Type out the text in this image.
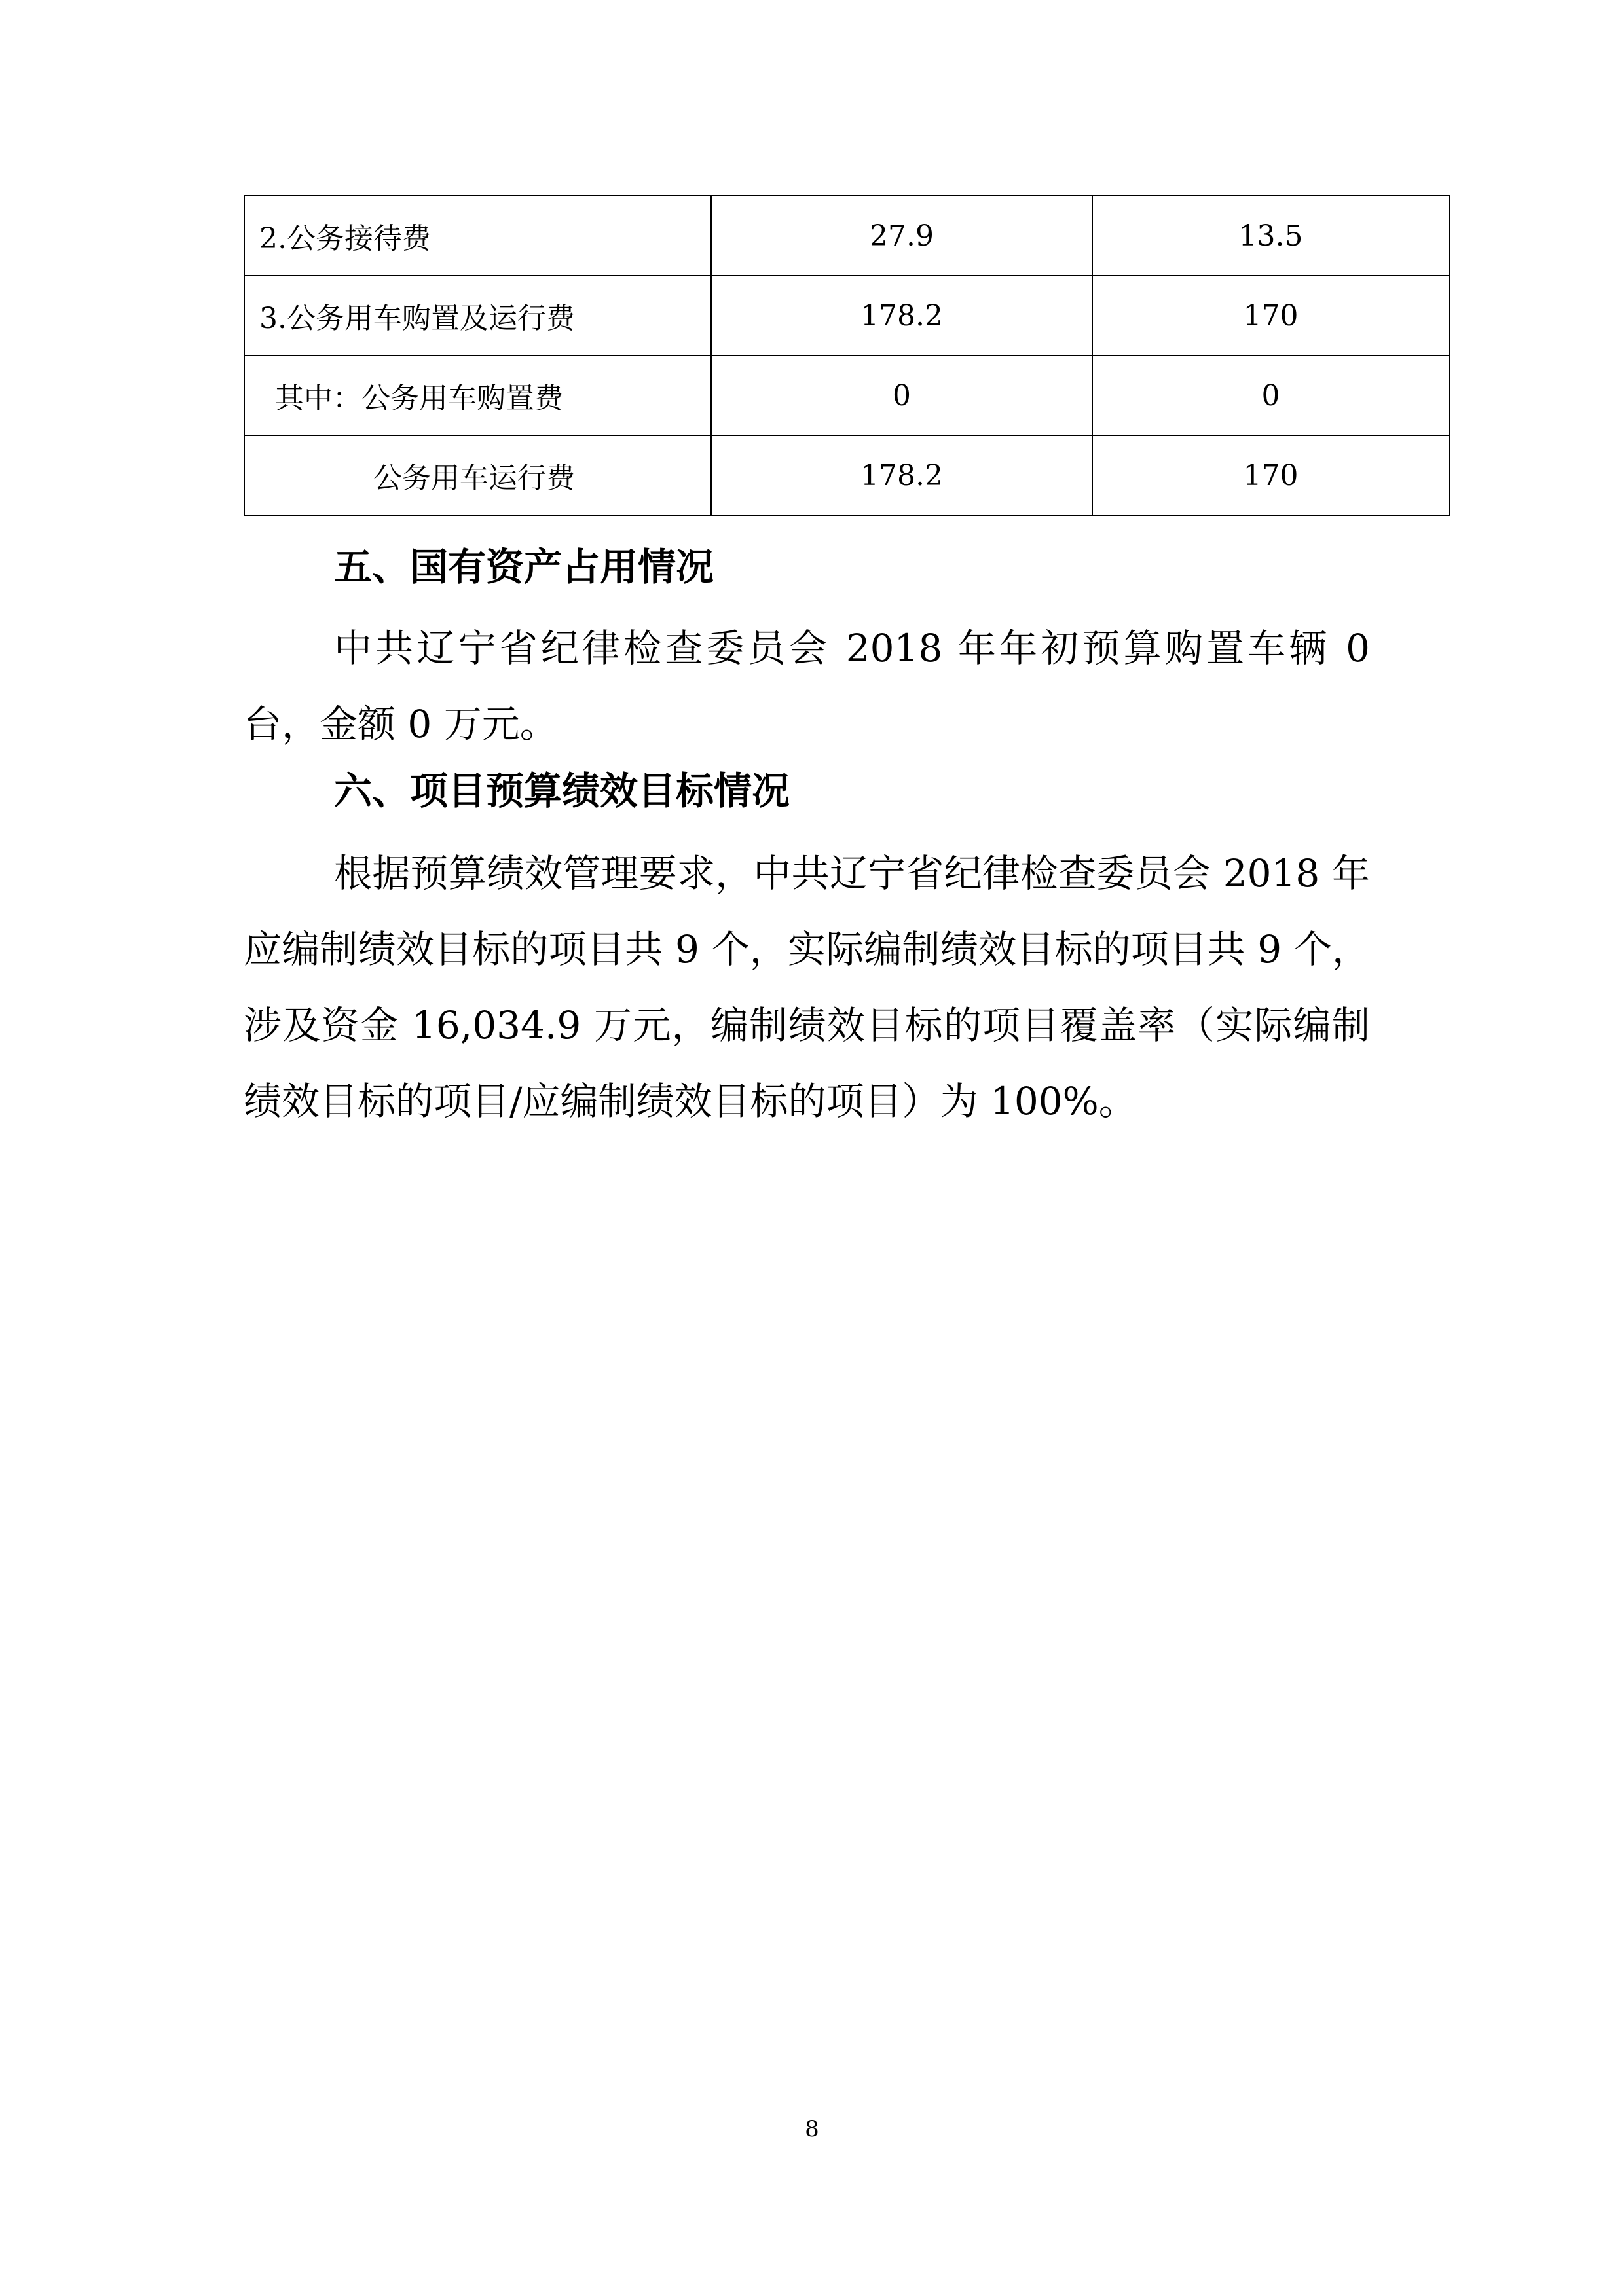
2.公务接待费	27.9	13.5
3.公务用车购置及运行费	178.2	170
其中：公务用车购置费	0	0
公务用车运行费	178.2	170
五、国有资产占用情况

中共辽宁省纪律检查委员会 2018 年年初预算购置车辆 0 台，金额 0 万元。

六、项目预算绩效目标情况

根据预算绩效管理要求，中共辽宁省纪律检查委员会 2018 年应编制绩效目标的项目共 9 个，实际编制绩效目标的项目共 9 个，涉及资金 16,034.9 万元，编制绩效目标的项目覆盖率（实际编制绩效目标的项目/应编制绩效目标的项目）为 100%。

8
